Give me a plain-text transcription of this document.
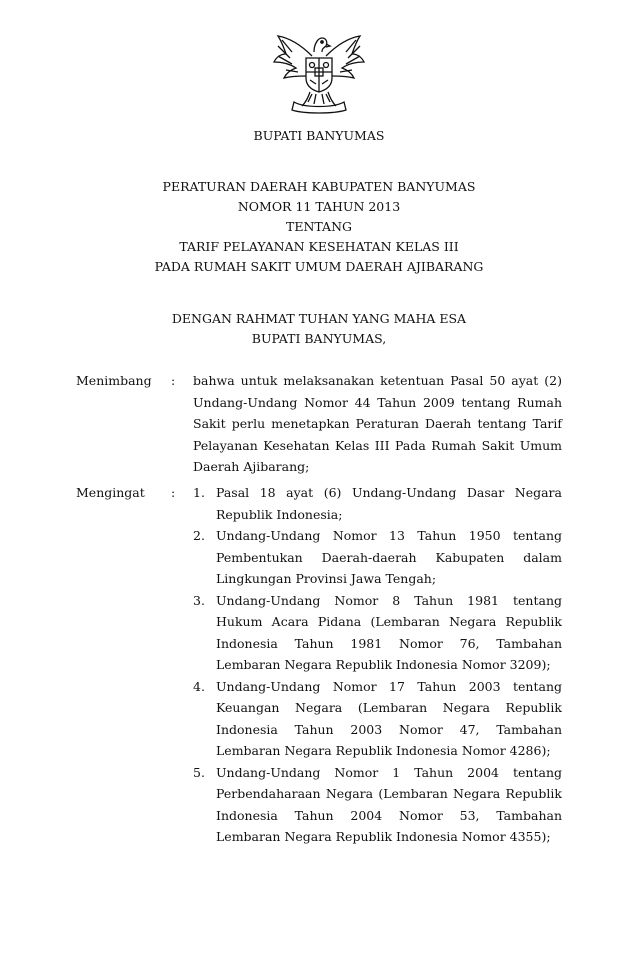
BUPATI BANYUMAS
PERATURAN DAERAH KABUPATEN BANYUMAS
NOMOR 11 TAHUN 2013
TENTANG
TARIF PELAYANAN KESEHATAN KELAS III
PADA RUMAH SAKIT UMUM DAERAH AJIBARANG
DENGAN RAHMAT TUHAN YANG MAHA ESA
BUPATI BANYUMAS,
Menimbang : bahwa untuk melaksanakan ketentuan Pasal 50 ayat (2) Undang-Undang Nomor 44 Tahun 2009 tentang Rumah Sakit perlu menetapkan Peraturan Daerah tentang Tarif Pelayanan Kesehatan Kelas III Pada Rumah Sakit Umum Daerah Ajibarang;
Mengingat : 1. Pasal 18 ayat (6) Undang-Undang Dasar Negara Republik Indonesia;
2. Undang-Undang Nomor 13 Tahun 1950 tentang Pembentukan Daerah-daerah Kabupaten dalam Lingkungan Provinsi Jawa Tengah;
3. Undang-Undang Nomor 8 Tahun 1981 tentang Hukum Acara Pidana (Lembaran Negara Republik Indonesia Tahun 1981 Nomor 76, Tambahan Lembaran Negara Republik Indonesia Nomor 3209);
4. Undang-Undang Nomor 17 Tahun 2003 tentang Keuangan Negara (Lembaran Negara Republik Indonesia Tahun 2003 Nomor 47, Tambahan Lembaran Negara Republik Indonesia Nomor 4286);
5. Undang-Undang Nomor 1 Tahun 2004 tentang Perbendaharaan Negara (Lembaran Negara Republik Indonesia Tahun 2004 Nomor 53, Tambahan Lembaran Negara Republik Indonesia Nomor 4355);
